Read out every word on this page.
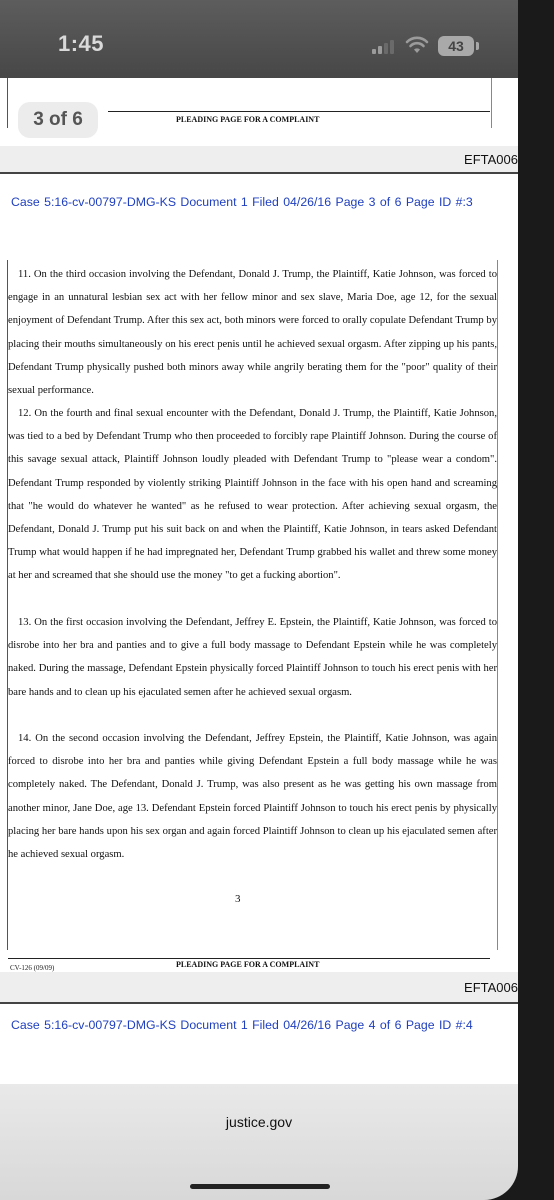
1:45	43
PLEADING PAGE FOR A COMPLAINT
3 of 6
EFTA006
Case 5:16-cv-00797-DMG-KS Document 1 Filed 04/26/16 Page 3 of 6 Page ID #:3

11. On the third occasion involving the Defendant, Donald J. Trump, the Plaintiff, Katie Johnson, was forced to engage in an unnatural lesbian sex act with her fellow minor and sex slave, Maria Doe, age 12, for the sexual enjoyment of Defendant Trump. After this sex act, both minors were forced to orally copulate Defendant Trump by placing their mouths simultaneously on his erect penis until he achieved sexual orgasm. After zipping up his pants, Defendant Trump physically pushed both minors away while angrily berating them for the "poor" quality of their sexual performance.

12. On the fourth and final sexual encounter with the Defendant, Donald J. Trump, the Plaintiff, Katie Johnson, was tied to a bed by Defendant Trump who then proceeded to forcibly rape Plaintiff Johnson. During the course of this savage sexual attack, Plaintiff Johnson loudly pleaded with Defendant Trump to "please wear a condom". Defendant Trump responded by violently striking Plaintiff Johnson in the face with his open hand and screaming that "he would do whatever he wanted" as he refused to wear protection. After achieving sexual orgasm, the Defendant, Donald J. Trump put his suit back on and when the Plaintiff, Katie Johnson, in tears asked Defendant Trump what would happen if he had impregnated her, Defendant Trump grabbed his wallet and threw some money at her and screamed that she should use the money "to get a fucking abortion".

13. On the first occasion involving the Defendant, Jeffrey E. Epstein, the Plaintiff, Katie Johnson, was forced to disrobe into her bra and panties and to give a full body massage to Defendant Epstein while he was completely naked. During the massage, Defendant Epstein physically forced Plaintiff Johnson to touch his erect penis with her bare hands and to clean up his ejaculated semen after he achieved sexual orgasm.

14. On the second occasion involving the Defendant, Jeffrey Epstein, the Plaintiff, Katie Johnson, was again forced to disrobe into her bra and panties while giving Defendant Epstein a full body massage while he was completely naked. The Defendant, Donald J. Trump, was also present as he was getting his own massage from another minor, Jane Doe, age 13. Defendant Epstein forced Plaintiff Johnson to touch his erect penis by physically placing her bare hands upon his sex organ and again forced Plaintiff Johnson to clean up his ejaculated semen after he achieved sexual orgasm.

3
CV-126 (09/09)	PLEADING PAGE FOR A COMPLAINT
EFTA006
Case 5:16-cv-00797-DMG-KS Document 1 Filed 04/26/16 Page 4 of 6 Page ID #:4
justice.gov
